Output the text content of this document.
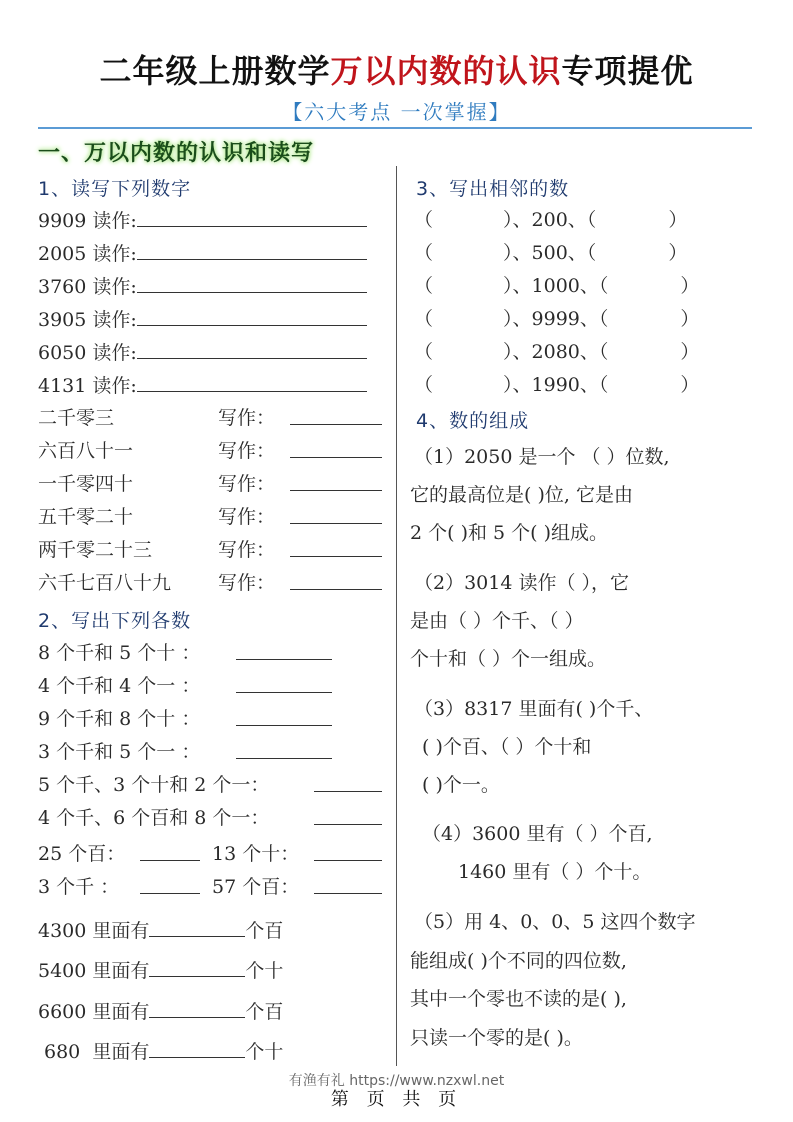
二年级上册数学万以内数的认识专项提优
【六大考点 一次掌握】
一、万以内数的认识和读写
1、读写下列数字
9909 读作:
2005 读作:
3760 读作:
3905 读作:
6050 读作:
4131 读作:
二千零三	写作：
六百八十一	写作：
一千零四十	写作：
五千零二十	写作：
两千零二十三	写作：
六千七百八十九 写作：
2、写出下列各数
8 个千和 5 个十 ：
4 个千和 4 个一 ：
9 个千和 8 个十 ：
3 个千和 5 个一 ：
5 个千、3 个十和 2 个一：
4 个千、6 个百和 8 个一：
25 个百：	13 个十：
3 个千 ：	57 个百：
4300 里面有	个百
5400 里面有	个十
6600 里面有	个百
680 里面有	个十
3、写出相邻的数
（	）、200、（	）
（	）、500、（	）
（	）、1000、（	）
（	）、9999、（	）
（	）、2080、（	）
（	）、1990、（	）
4、数的组成
（1）2050 是一个 （ ）位数,
它的最高位是( )位, 它是由
2 个( )和 5 个( )组成。
（2）3014 读作（ ），它
是由（ ）个千、（ ）
个十和（ ）个一组成。
（3）8317 里面有( )个千、
( )个百、（ ）个十和
( )个一。
（4）3600 里有（ ）个百,
1460 里有（ ）个十。
（5）用 4、0、0、5 这四个数字
能组成( )个不同的四位数,
其中一个零也不读的是( ),
只读一个零的是( )。
有渔有礼 https://www.nzxwl.net
第 页 共 页
